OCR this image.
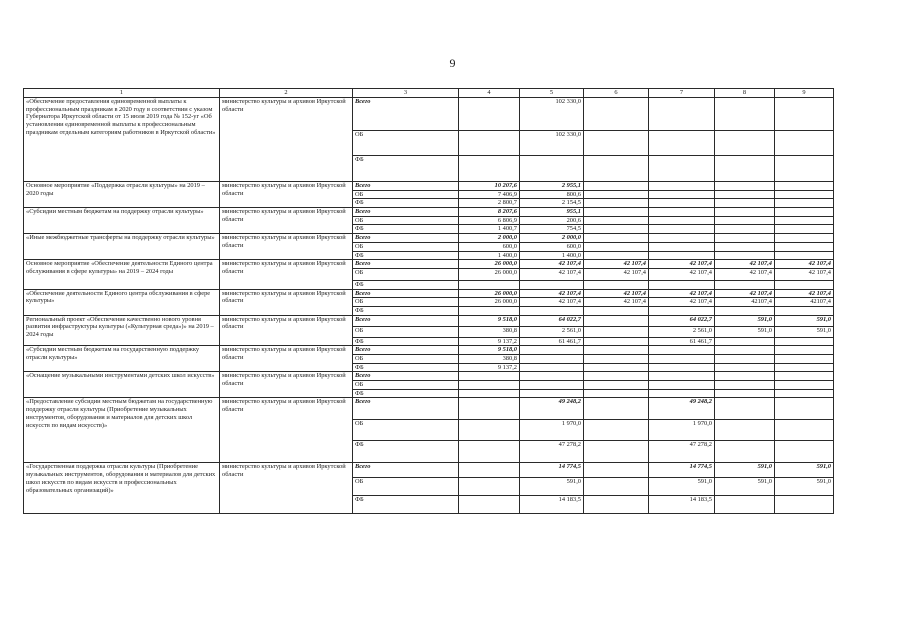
9
1	2	3	4	5	6	7	8	9
«Обеспечение предоставления единовременной выплаты к профессиональным праздникам в 2020 году в соответствии с указом Губернатора Иркутской области от 15 июля 2019 года № 152-уг «Об установлении единовременной выплаты к профессиональным праздникам отдельным категориям работников в Иркутской области»	министерство культуры и архивов Иркутской области	Всего		102 330,0				
		ОБ		102 330,0				
		ФБ						
Основное мероприятие «Поддержка отрасли культуры» на 2019 – 2020 годы	министерство культуры и архивов Иркутской области	Всего	10 207,6	2 955,1				
		ОБ	7 406,9	800,6				
		ФБ	2 800,7	2 154,5				
«Субсидии местным бюджетам на поддержку отрасли культуры»	министерство культуры и архивов Иркутской области	Всего	8 207,6	955,1				
		ОБ	6 806,9	200,6				
		ФБ	1 400,7	754,5				
«Иные межбюджетные трансферты на поддержку отрасли культуры»	министерство культуры и архивов Иркутской области	Всего	2 000,0	2 000,0				
		ОБ	600,0	600,0				
		ФБ	1 400,0	1 400,0				
Основное мероприятие «Обеспечение деятельности Единого центра обслуживания в сфере культуры» на 2019 – 2024 годы	министерство культуры и архивов Иркутской области	Всего	26 000,0	42 107,4	42 107,4	42 107,4	42 107,4	42 107,4
		ОБ	26 000,0	42 107,4	42 107,4	42 107,4	42 107,4	42 107,4
		ФБ						
«Обеспечение деятельности Единого центра обслуживания в сфере культуры»	министерство культуры и архивов Иркутской области	Всего	26 000,0	42 107,4	42 107,4	42 107,4	42 107,4	42 107,4
		ОБ	26 000,0	42 107,4	42 107,4	42 107,4	42107,4	42107,4
		ФБ						
Региональный проект «Обеспечение качественно нового уровня развития инфраструктуры культуры («Культурная среда»)» на 2019 – 2024 годы	министерство культуры и архивов Иркутской области	Всего	9 518,0	64 022,7		64 022,7	591,0	591,0
		ОБ	380,8	2 561,0		2 561,0	591,0	591,0
		ФБ	9 137,2	61 461,7		61 461,7		
«Субсидии местным бюджетам на государственную поддержку отрасли культуры»	министерство культуры и архивов Иркутской области	Всего	9 518,0					
		ОБ	380,8					
		ФБ	9 137,2					
«Оснащение музыкальными инструментами детских школ искусств»	министерство культуры и архивов Иркутской области	Всего						
		ОБ						
		ФБ						
«Предоставление субсидии местным бюджетам на государственную поддержку отрасли культуры (Приобретение музыкальных инструментов, оборудования и материалов для детских школ искусств по видам искусств)»	министерство культуры и архивов Иркутской области	Всего		49 248,2		49 248,2		
		ОБ		1 970,0		1 970,0		
		ФБ		47 278,2		47 278,2		
«Государственная поддержка отрасли культуры (Приобретение музыкальных инструментов, оборудования и материалов для детских школ искусств по видам искусств и профессиональных образовательных организаций)»	министерство культуры и архивов Иркутской области	Всего		14 774,5		14 774,5	591,0	591,0
		ОБ		591,0		591,0	591,0	591,0
		ФБ		14 183,5		14 183,5		
